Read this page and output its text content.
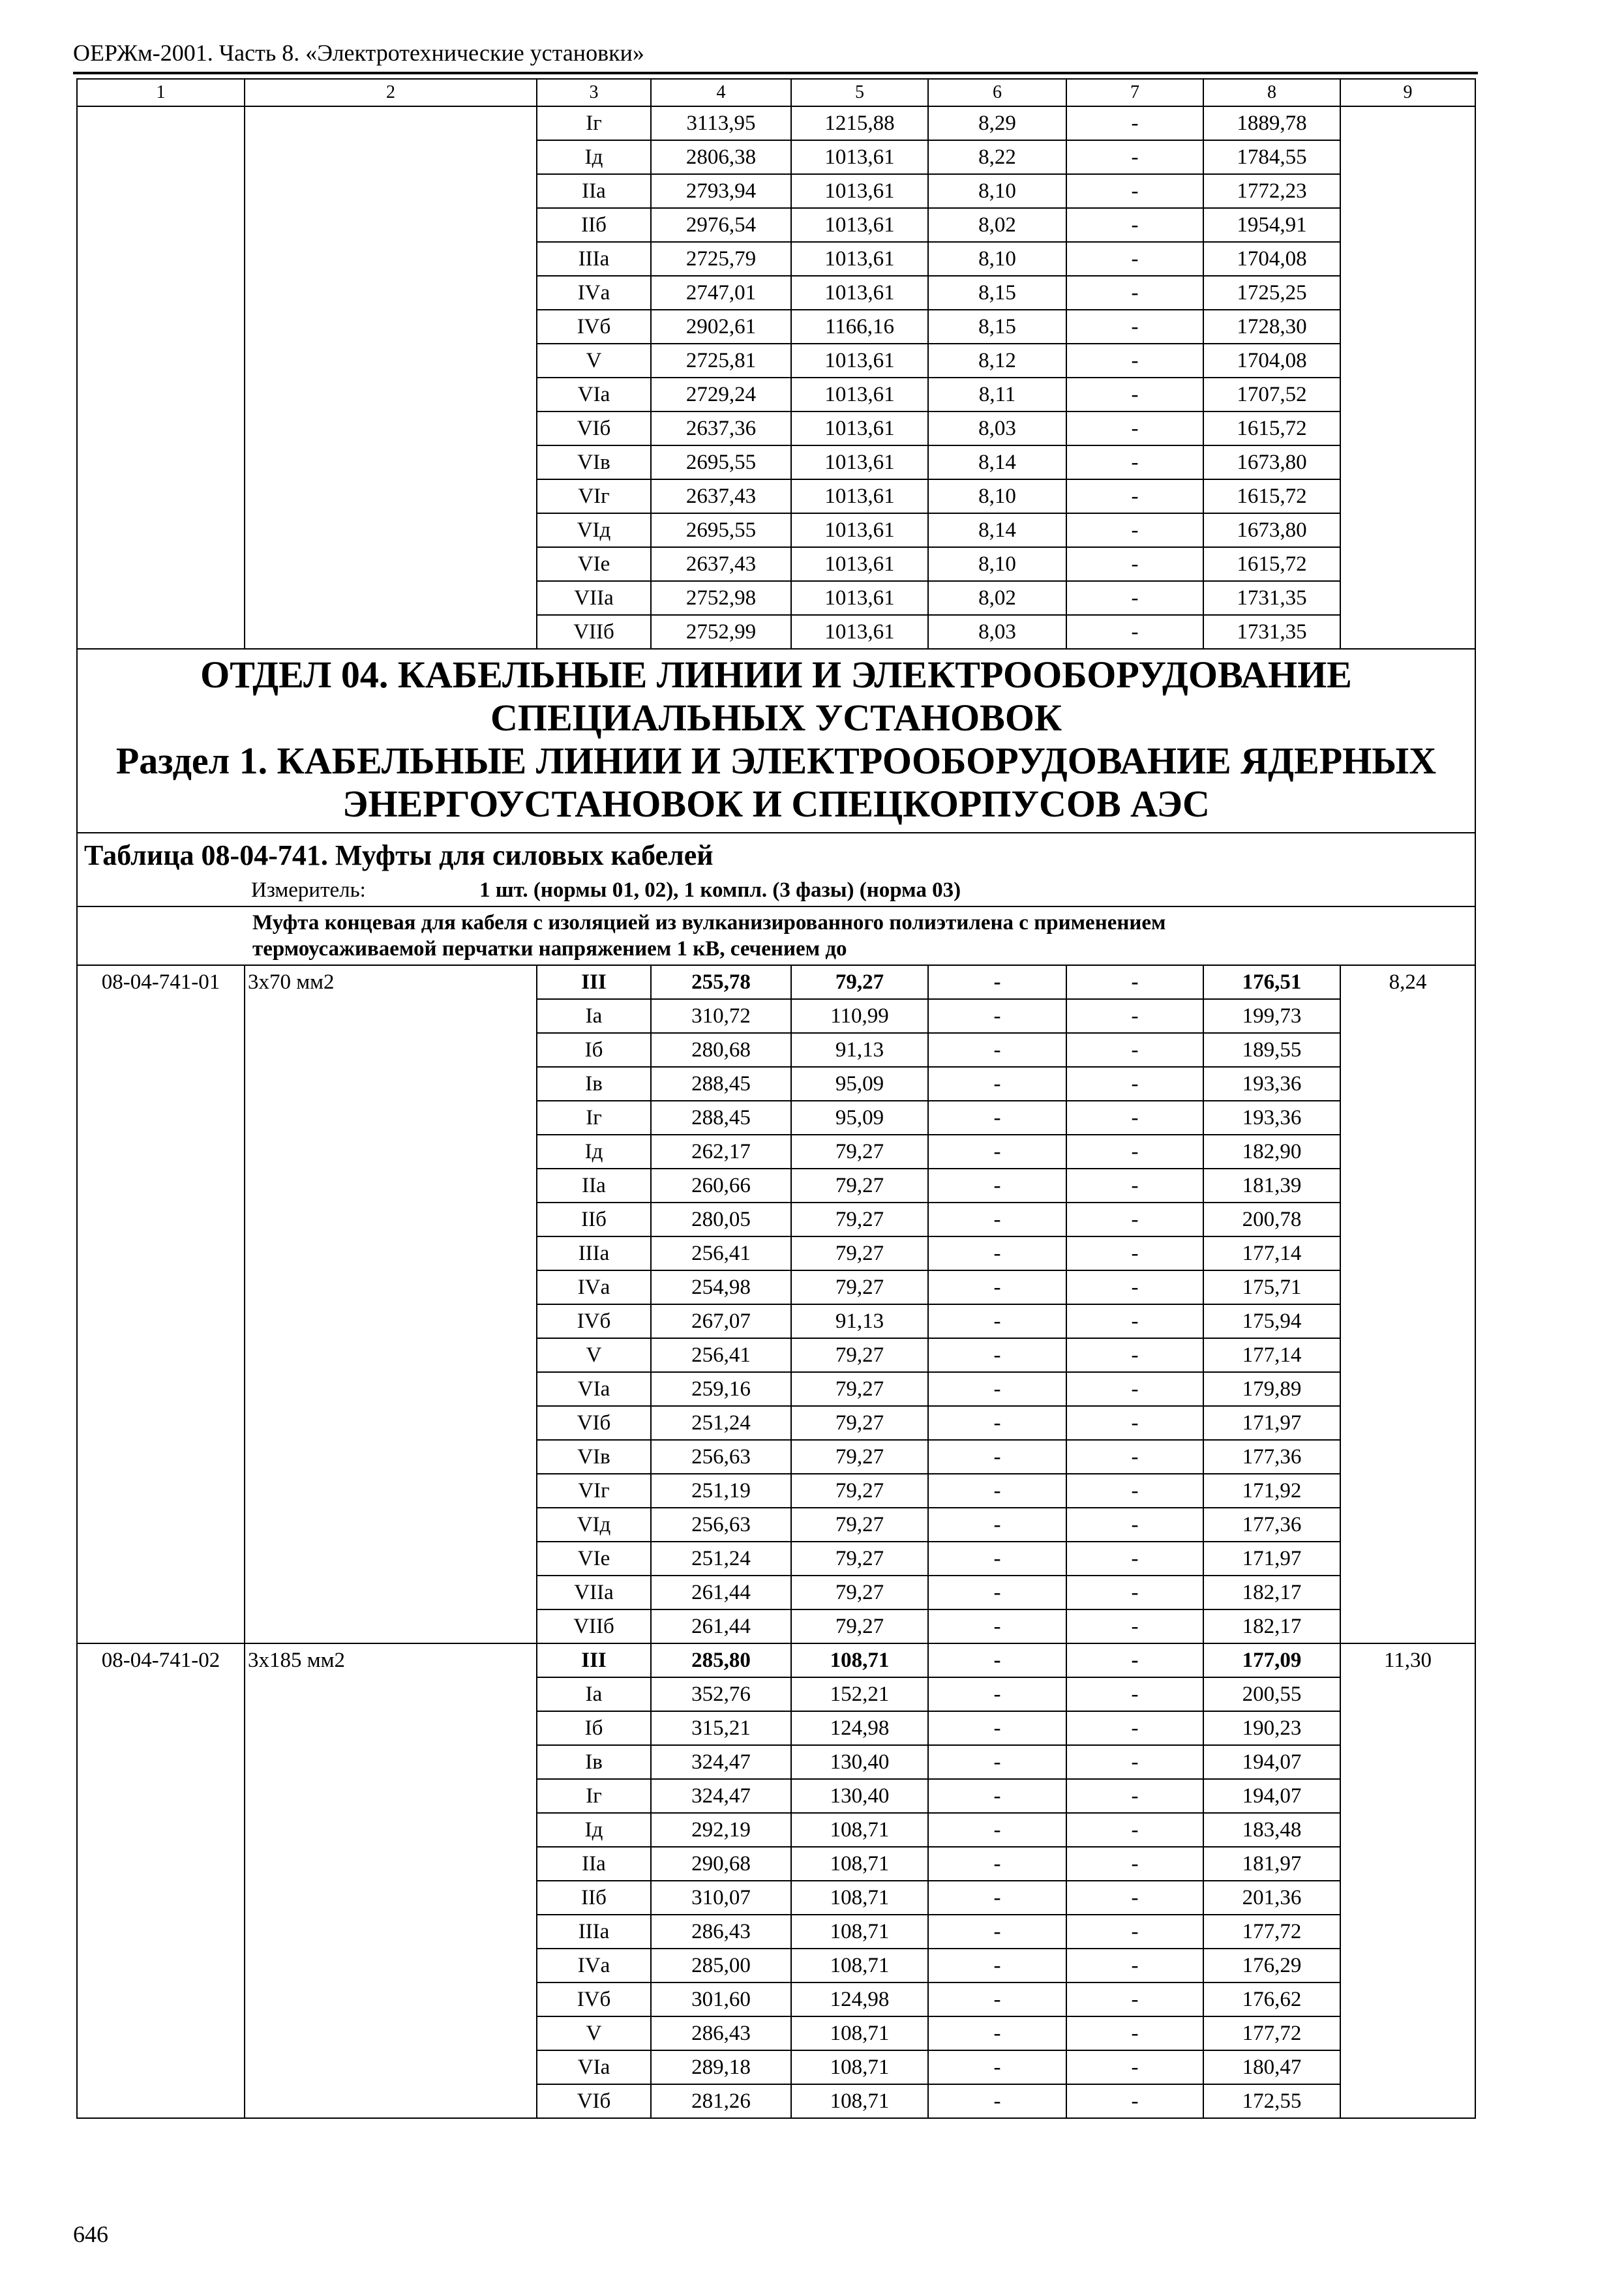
ОЕРЖм-2001. Часть 8. «Электротехнические установки»
1	2	3	4	5	6	7	8	9
		Iг	3113,95	1215,88	8,29	-	1889,78	
		Iд	2806,38	1013,61	8,22	-	1784,55	
		IIа	2793,94	1013,61	8,10	-	1772,23	
		IIб	2976,54	1013,61	8,02	-	1954,91	
		IIIа	2725,79	1013,61	8,10	-	1704,08	
		IVа	2747,01	1013,61	8,15	-	1725,25	
		IVб	2902,61	1166,16	8,15	-	1728,30	
		V	2725,81	1013,61	8,12	-	1704,08	
		VIа	2729,24	1013,61	8,11	-	1707,52	
		VIб	2637,36	1013,61	8,03	-	1615,72	
		VIв	2695,55	1013,61	8,14	-	1673,80	
		VIг	2637,43	1013,61	8,10	-	1615,72	
		VIд	2695,55	1013,61	8,14	-	1673,80	
		VIе	2637,43	1013,61	8,10	-	1615,72	
		VIIа	2752,98	1013,61	8,02	-	1731,35	
		VIIб	2752,99	1013,61	8,03	-	1731,35	

ОТДЕЛ 04. КАБЕЛЬНЫЕ ЛИНИИ И ЭЛЕКТРООБОРУДОВАНИЕ
СПЕЦИАЛЬНЫХ УСТАНОВОК
Раздел 1. КАБЕЛЬНЫЕ ЛИНИИ И ЭЛЕКТРООБОРУДОВАНИЕ ЯДЕРНЫХ
ЭНЕРГОУСТАНОВОК И СПЕЦКОРПУСОВ АЭС								

Таблица 08-04-741. Муфты для силовых кабелей								
Измеритель: 1 шт. (нормы 01, 02), 1 компл. (3 фазы) (норма 03)								

Муфта концевая для кабеля с изоляцией из вулканизированного полиэтилена с применением
термоусаживаемой перчатки напряжением 1 кВ, сечением до								

08-04-741-01	3х70 мм2	III	255,78	79,27	-	-	176,51	8,24
		Iа	310,72	110,99	-	-	199,73	
		Iб	280,68	91,13	-	-	189,55	
		Iв	288,45	95,09	-	-	193,36	
		Iг	288,45	95,09	-	-	193,36	
		Iд	262,17	79,27	-	-	182,90	
		IIа	260,66	79,27	-	-	181,39	
		IIб	280,05	79,27	-	-	200,78	
		IIIа	256,41	79,27	-	-	177,14	
		IVа	254,98	79,27	-	-	175,71	
		IVб	267,07	91,13	-	-	175,94	
		V	256,41	79,27	-	-	177,14	
		VIа	259,16	79,27	-	-	179,89	
		VIб	251,24	79,27	-	-	171,97	
		VIв	256,63	79,27	-	-	177,36	
		VIг	251,19	79,27	-	-	171,92	
		VIд	256,63	79,27	-	-	177,36	
		VIе	251,24	79,27	-	-	171,97	
		VIIа	261,44	79,27	-	-	182,17	
		VIIб	261,44	79,27	-	-	182,17	
08-04-741-02	3х185 мм2	III	285,80	108,71	-	-	177,09	11,30
		Iа	352,76	152,21	-	-	200,55	
		Iб	315,21	124,98	-	-	190,23	
		Iв	324,47	130,40	-	-	194,07	
		Iг	324,47	130,40	-	-	194,07	
		Iд	292,19	108,71	-	-	183,48	
		IIа	290,68	108,71	-	-	181,97	
		IIб	310,07	108,71	-	-	201,36	
		IIIа	286,43	108,71	-	-	177,72	
		IVа	285,00	108,71	-	-	176,29	
		IVб	301,60	124,98	-	-	176,62	
		V	286,43	108,71	-	-	177,72	
		VIа	289,18	108,71	-	-	180,47	
		VIб	281,26	108,71	-	-	172,55	
646
